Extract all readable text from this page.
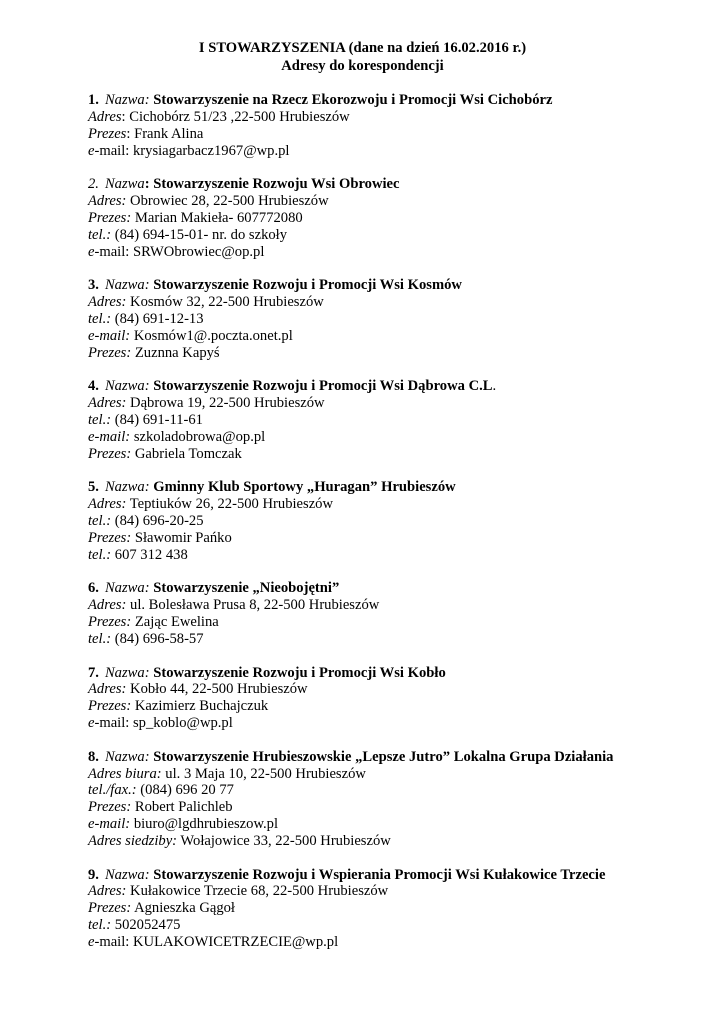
I STOWARZYSZENIA (dane na dzień 16.02.2016 r.)
Adresy do korespondencji
1. Nazwa: Stowarzyszenie na Rzecz Ekorozwoju i Promocji Wsi Cichobórz
Adres: Cichobórz 51/23 ,22-500 Hrubieszów
Prezes: Frank Alina
e-mail: krysiagarbacz1967@wp.pl
2. Nazwa: Stowarzyszenie Rozwoju Wsi Obrowiec
Adres: Obrowiec 28, 22-500 Hrubieszów
Prezes: Marian Makieła- 607772080
tel.: (84) 694-15-01- nr. do szkoły
e-mail: SRWObrowiec@op.pl
3. Nazwa: Stowarzyszenie Rozwoju i Promocji Wsi Kosmów
Adres: Kosmów 32, 22-500 Hrubieszów
tel.: (84) 691-12-13
e-mail: Kosmów1@.poczta.onet.pl
Prezes: Zuznna Kapyś
4. Nazwa: Stowarzyszenie Rozwoju i Promocji Wsi Dąbrowa C.L.
Adres: Dąbrowa 19, 22-500 Hrubieszów
tel.: (84) 691-11-61
e-mail: szkoladobrowa@op.pl
Prezes: Gabriela Tomczak
5. Nazwa: Gminny Klub Sportowy „Huragan” Hrubieszów
Adres: Teptiuków 26, 22-500 Hrubieszów
tel.: (84) 696-20-25
Prezes: Sławomir Pańko
tel.: 607 312 438
6. Nazwa: Stowarzyszenie „Nieobojętni”
Adres: ul. Bolesława Prusa 8, 22-500 Hrubieszów
Prezes: Zając Ewelina
tel.: (84) 696-58-57
7. Nazwa: Stowarzyszenie Rozwoju i Promocji Wsi Kobło
Adres: Kobło 44, 22-500 Hrubieszów
Prezes: Kazimierz Buchajczuk
e-mail: sp_koblo@wp.pl
8. Nazwa: Stowarzyszenie Hrubieszowskie „Lepsze Jutro” Lokalna Grupa Działania
Adres biura: ul. 3 Maja 10, 22-500 Hrubieszów
tel./fax.: (084) 696 20 77
Prezes: Robert Palichleb
e-mail: biuro@lgdhrubieszow.pl
Adres siedziby: Wołajowice 33, 22-500 Hrubieszów
9. Nazwa: Stowarzyszenie Rozwoju i Wspierania Promocji Wsi Kułakowice Trzecie
Adres: Kułakowice Trzecie 68, 22-500 Hrubieszów
Prezes: Agnieszka Gągoł
tel.: 502052475
e-mail: KULAKOWICETRZECIE@wp.pl
